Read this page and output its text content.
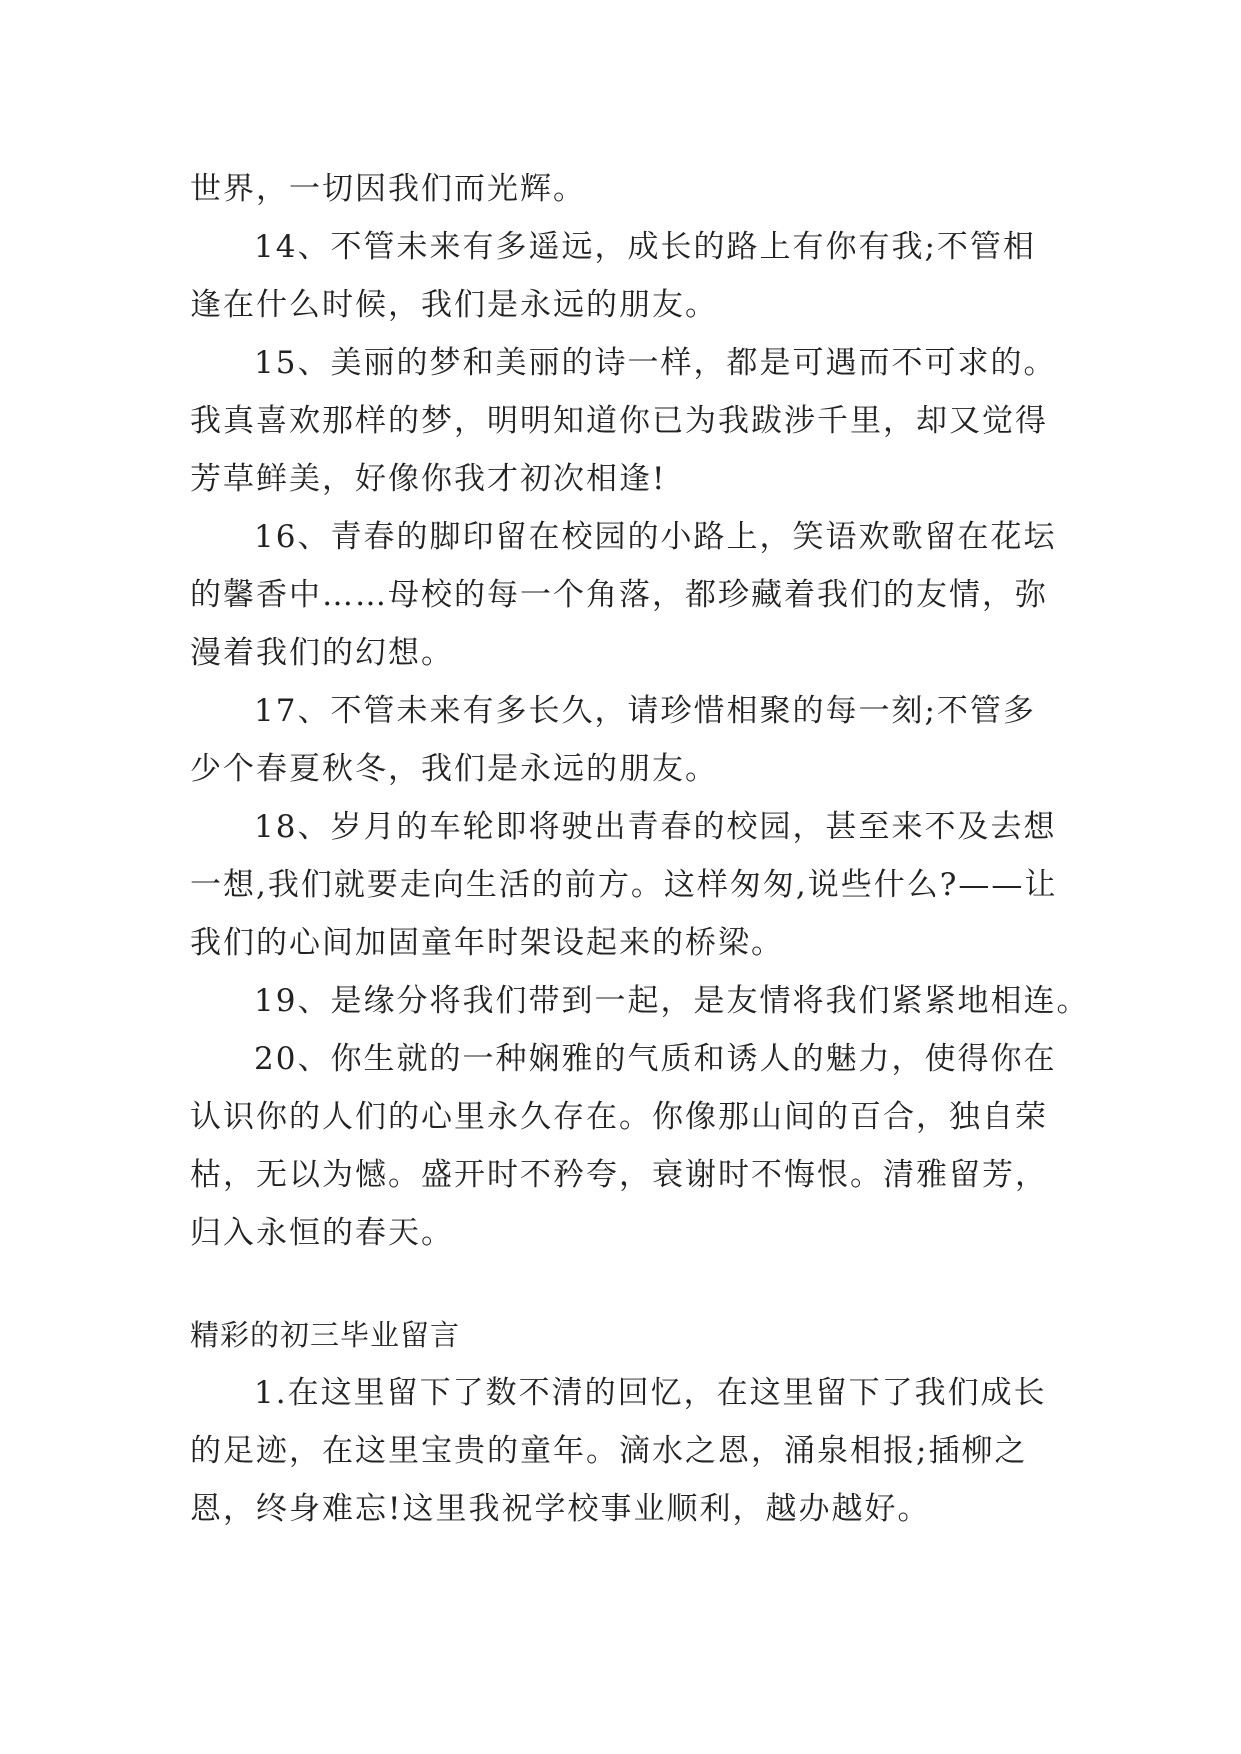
世界，一切因我们而光辉。
14、不管未来有多遥远，成长的路上有你有我;不管相
逢在什么时候，我们是永远的朋友。
15、美丽的梦和美丽的诗一样，都是可遇而不可求的。
我真喜欢那样的梦，明明知道你已为我跋涉千里，却又觉得
芳草鲜美，好像你我才初次相逢!
16、青春的脚印留在校园的小路上，笑语欢歌留在花坛
的馨香中……母校的每一个角落，都珍藏着我们的友情，弥
漫着我们的幻想。
17、不管未来有多长久，请珍惜相聚的每一刻;不管多
少个春夏秋冬，我们是永远的朋友。
18、岁月的车轮即将驶出青春的校园，甚至来不及去想
一想,我们就要走向生活的前方。这样匆匆,说些什么?——让
我们的心间加固童年时架设起来的桥梁。
19、是缘分将我们带到一起，是友情将我们紧紧地相连。
20、你生就的一种娴雅的气质和诱人的魅力，使得你在
认识你的人们的心里永久存在。你像那山间的百合，独自荣
枯，无以为憾。盛开时不矜夸，衰谢时不悔恨。清雅留芳，
归入永恒的春天。
精彩的初三毕业留言
1.在这里留下了数不清的回忆，在这里留下了我们成长
的足迹，在这里宝贵的童年。滴水之恩，涌泉相报;插柳之
恩，终身难忘!这里我祝学校事业顺利，越办越好。
